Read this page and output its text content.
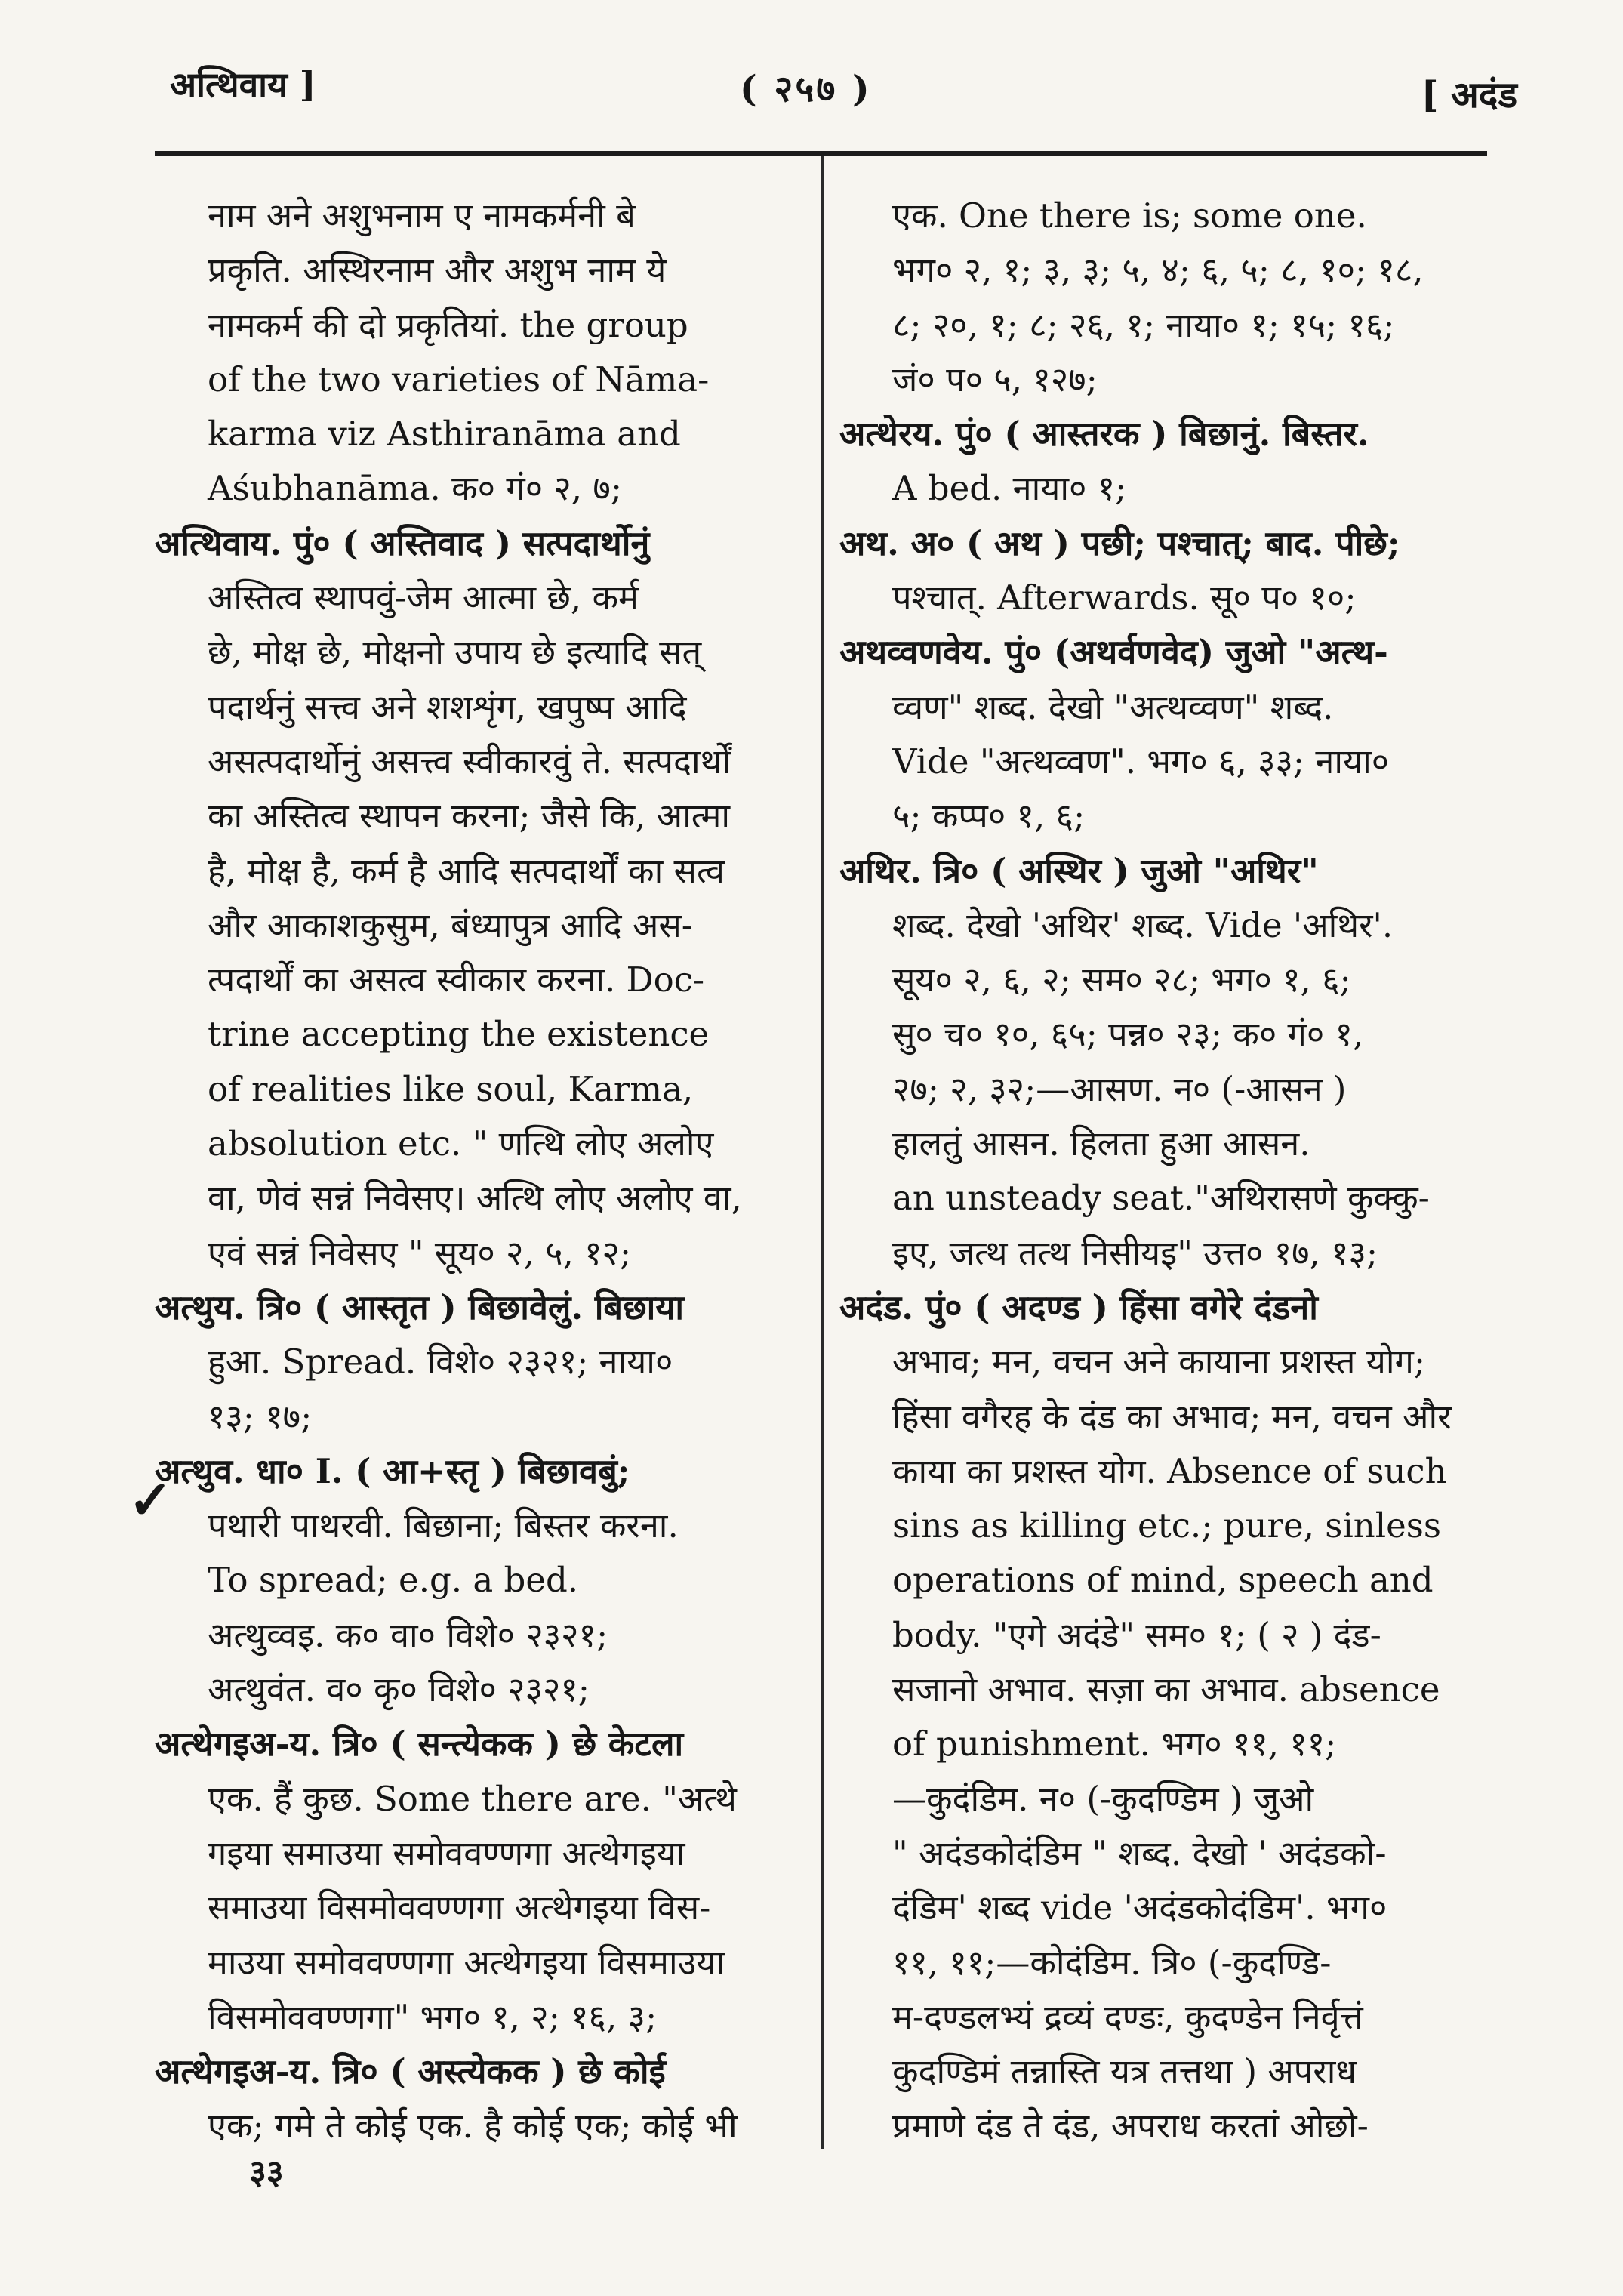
अत्थिवाय ]	( २५७ )	[ अदंड
नाम अने अशुभनाम ए नामकर्मनी बे
प्रकृति. अस्थिरनाम और अशुभ नाम ये
नामकर्म की दो प्रकृतियां. the group
of the two varieties of Nāma-
karma viz Asthiranāma and
Aśubhanāma. क० गं० २, ७;
अत्थिवाय. पुं० ( अस्तिवाद ) सत्पदार्थोनुं
अस्तित्व स्थापवुं-जेम आत्मा छे, कर्म
छे, मोक्ष छे, मोक्षनो उपाय छे इत्यादि सत्
पदार्थनुं सत्त्व अने शशशृंग, खपुष्प आदि
असत्पदार्थोनुं असत्त्व स्वीकारवुं ते. सत्पदार्थों
का अस्तित्व स्थापन करना; जैसे कि, आत्मा
है, मोक्ष है, कर्म है आदि सत्पदार्थों का सत्व
और आकाशकुसुम, बंध्यापुत्र आदि अस-
त्पदार्थों का असत्व स्वीकार करना. Doc-
trine accepting the existence
of realities like soul, Karma,
absolution etc. " णत्थि लोए अलोए
वा, णेवं सन्नं निवेसए। अत्थि लोए अलोए वा,
एवं सन्नं निवेसए " सूय० २, ५, १२;
अत्थुय. त्रि० ( आस्तृत ) बिछावेलुं. बिछाया
हुआ. Spread. विशे० २३२१; नाया०
१३; १७;
अत्थुव. धा० I. ( आ+स्तृ ) बिछावबुं;
पथारी पाथरवी. बिछाना; बिस्तर करना.
To spread; e.g. a bed.
अत्थुव्वइ. क० वा० विशे० २३२१;
अत्थुवंत. व० कृ० विशे० २३२१;
अत्थेगइअ-य. त्रि० ( सन्त्येकक ) छे केटला
एक. हैं कुछ. Some there are. "अत्थे
गइया समाउया समोववण्णगा अत्थेगइया
समाउया विसमोववण्णगा अत्थेगइया विस-
माउया समोववण्णगा अत्थेगइया विसमाउया
विसमोववण्णगा" भग० १, २; १६, ३;
अत्थेगइअ-य. त्रि० ( अस्त्येकक ) छे कोई
एक; गमे ते कोई एक. है कोई एक; कोई भी
एक. One there is; some one.
भग० २, १; ३, ३; ५, ४; ६, ५; ८, १०; १८,
८; २०, १; ८; २६, १; नाया० १; १५; १६;
जं० प० ५, १२७;
अत्थेरय. पुं० ( आस्तरक ) बिछानुं. बिस्तर.
A bed. नाया० १;
अथ. अ० ( अथ ) पछी; पश्चात्; बाद. पीछे;
पश्चात्. Afterwards. सू० प० १०;
अथव्वणवेय. पुं० (अथर्वणवेद) जुओ "अत्थ-
व्वण" शब्द. देखो "अत्थव्वण" शब्द.
Vide "अत्थव्वण". भग० ६, ३३; नाया०
५; कप्प० १, ६;
अथिर. त्रि० ( अस्थिर ) जुओ "अथिर"
शब्द. देखो 'अथिर' शब्द. Vide 'अथिर'.
सूय० २, ६, २; सम० २८; भग० १, ६;
सु० च० १०, ६५; पन्न० २३; क० गं० १,
२७; २, ३२;—आसण. न० (-आसन )
हालतुं आसन. हिलता हुआ आसन.
an unsteady seat."अथिरासणे कुक्कु-
इए, जत्थ तत्थ निसीयइ" उत्त० १७, १३;
अदंड. पुं० ( अदण्ड ) हिंसा वगेरे दंडनो
अभाव; मन, वचन अने कायाना प्रशस्त योग;
हिंसा वगैरह के दंड का अभाव; मन, वचन और
काया का प्रशस्त योग. Absence of such
sins as killing etc.; pure, sinless
operations of mind, speech and
body. "एगे अदंडे" सम० १; ( २ ) दंड-
सजानो अभाव. सज़ा का अभाव. absence
of punishment. भग० ११, ११;
—कुदंडिम. न० (-कुदण्डिम ) जुओ
" अदंडकोदंडिम " शब्द. देखो ' अदंडको-
दंडिम' शब्द vide 'अदंडकोदंडिम'. भग०
११, ११;—कोदंडिम. त्रि० (-कुदण्डि-
म-दण्डलभ्यं द्रव्यं दण्डः, कुदण्डेन निर्वृत्तं
कुदण्डिमं तन्नास्ति यत्र तत्तथा ) अपराध
प्रमाणे दंड ते दंड, अपराध करतां ओछो-
✓
३३
